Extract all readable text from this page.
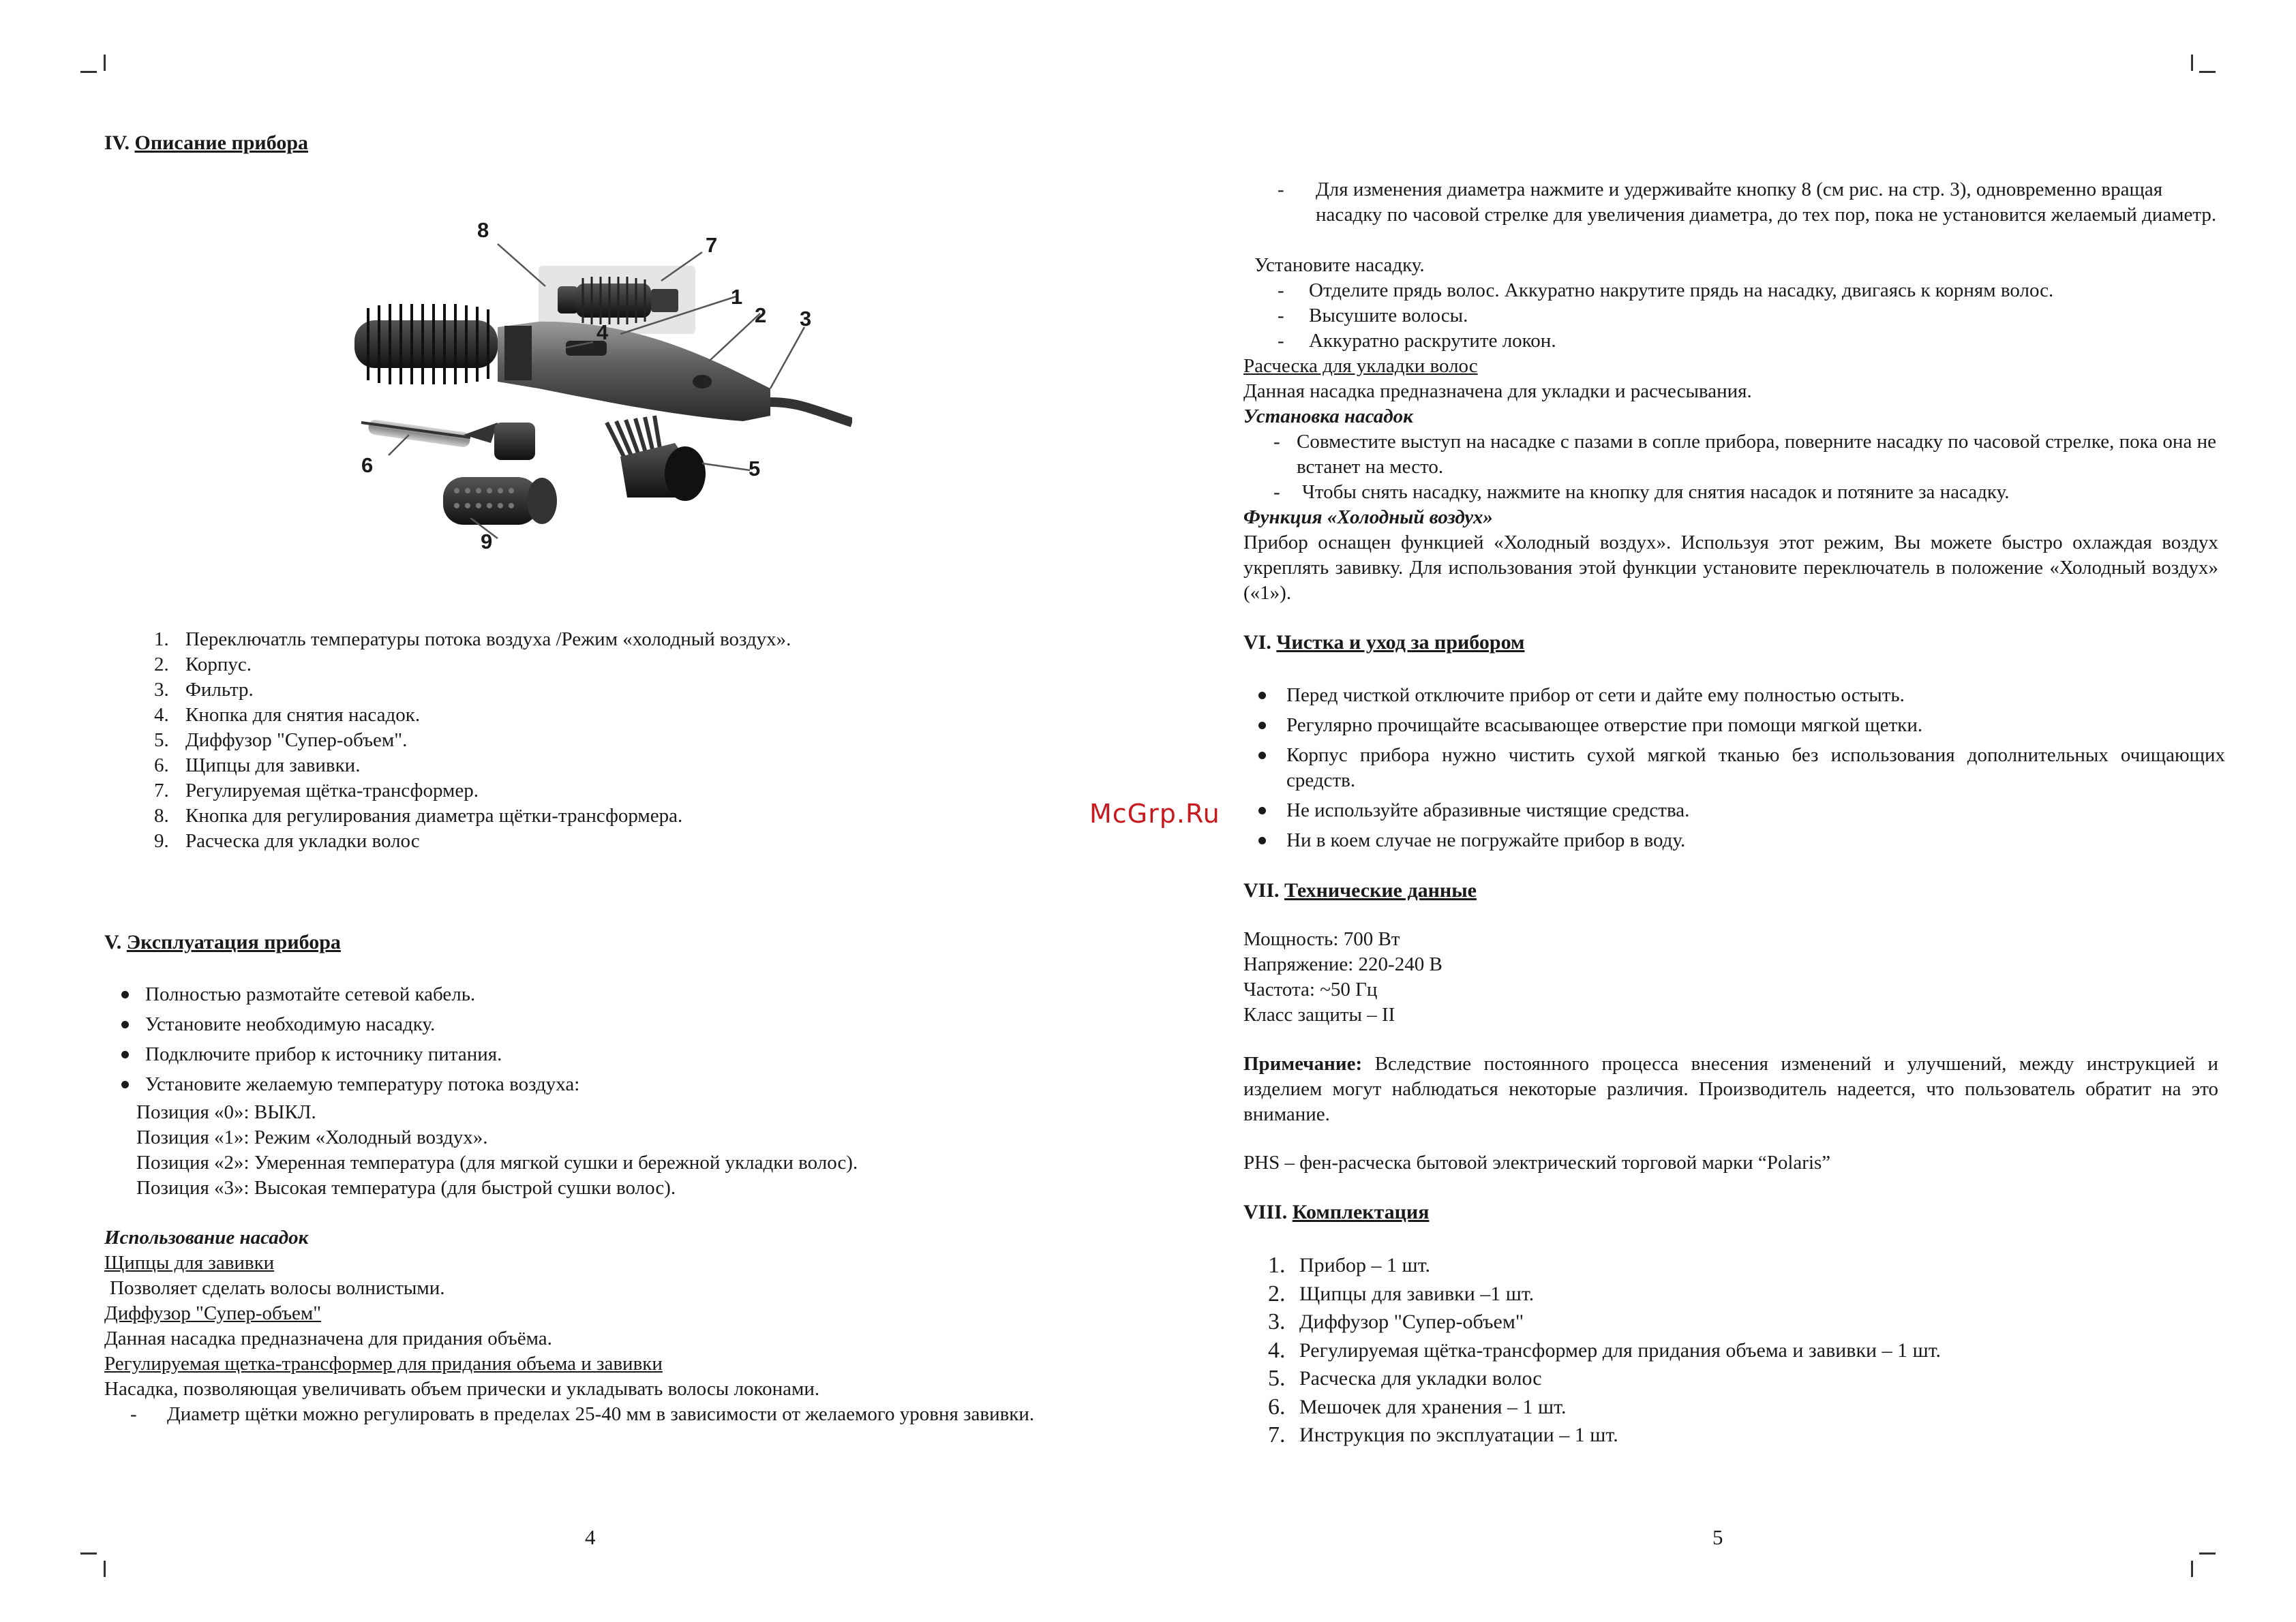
IV. Описание прибора
8
7
1
2 3
4
6	5
9
1. Переключатль температуры потока воздуха /Режим «холодный воздух».
2. Корпус.
3. Фильтр.
4. Кнопка для снятия насадок.
5. Диффузор "Супер-объем".
6. Щипцы для завивки.
7. Регулируемая щётка-трансформер.
8. Кнопка для регулирования диаметра щётки-трансформера.
9. Расческа для укладки волос
V. Эксплуатация прибора
Полностью размотайте сетевой кабель.
Установите необходимую насадку.
Подключите прибор к источнику питания.
Установите желаемую температуру потока воздуха:
Позиция «0»: ВЫКЛ.
Позиция «1»: Режим «Холодный воздух».
Позиция «2»: Умеренная температура (для мягкой сушки и бережной укладки волос).
Позиция «3»: Высокая температура (для быстрой сушки волос).
Использование насадок
Щипцы для завивки
Позволяет сделать волосы волнистыми.
Диффузор "Супер-объем"
Данная насадка предназначена для придания объёма.
Регулируемая щетка-трансформер для придания объема и завивки
Насадка, позволяющая увеличивать объем прически и укладывать волосы локонами.
-	Диаметр щётки можно регулировать в пределах 25-40 мм в зависимости от желаемого уровня завивки.
4
McGrp.Ru
-	Для изменения диаметра нажмите и удерживайте кнопку 8 (см рис. на стр. 3), одновременно вращая насадку по часовой стрелке для увеличения диаметра, до тех пор, пока не установится желаемый диаметр.
Установите насадку.
-	Отделите прядь волос. Аккуратно накрутите прядь на насадку, двигаясь к корням волос.
-	Высушите волосы.
-	Аккуратно раскрутите локон.
Расческа для укладки волос
Данная насадка предназначена для укладки и расчесывания.
Установка насадок
- Совместите выступ на насадке с пазами в сопле прибора, поверните насадку по часовой стрелке, пока она не встанет на место.
-	Чтобы снять насадку, нажмите на кнопку для снятия насадок и потяните за насадку.
Функция «Холодный воздух»
Прибор оснащен функцией «Холодный воздух». Используя этот режим, Вы можете быстро охлаждая воздух укреплять завивку. Для использования этой функции установите переключатель в положение «Холодный воздух» («1»).
VI. Чистка и уход за прибором
Перед чисткой отключите прибор от сети и дайте ему полностью остыть.
Регулярно прочищайте всасывающее отверстие при помощи мягкой щетки.
Корпус прибора нужно чистить сухой мягкой тканью без использования дополнительных очищающих средств.
Не используйте абразивные чистящие средства.
Ни в коем случае не погружайте прибор в воду.
VII. Технические данные
Мощность: 700 Вт
Напряжение: 220-240 В
Частота: ~50 Гц
Класс защиты – II
Примечание: Вследствие постоянного процесса внесения изменений и улучшений, между инструкцией и изделием могут наблюдаться некоторые различия. Производитель надеется, что пользователь обратит на это внимание.
PHS – фен-расческа бытовой электрический торговой марки “Polaris”
VIII. Комплектация
1. Прибор – 1 шт.
2. Щипцы для завивки –1 шт.
3. Диффузор "Супер-объем"
4. Регулируемая щётка-трансформер для придания объема и завивки – 1 шт.
5. Расческа для укладки волос
6. Мешочек для хранения – 1 шт.
7. Инструкция по эксплуатации – 1 шт.
5
